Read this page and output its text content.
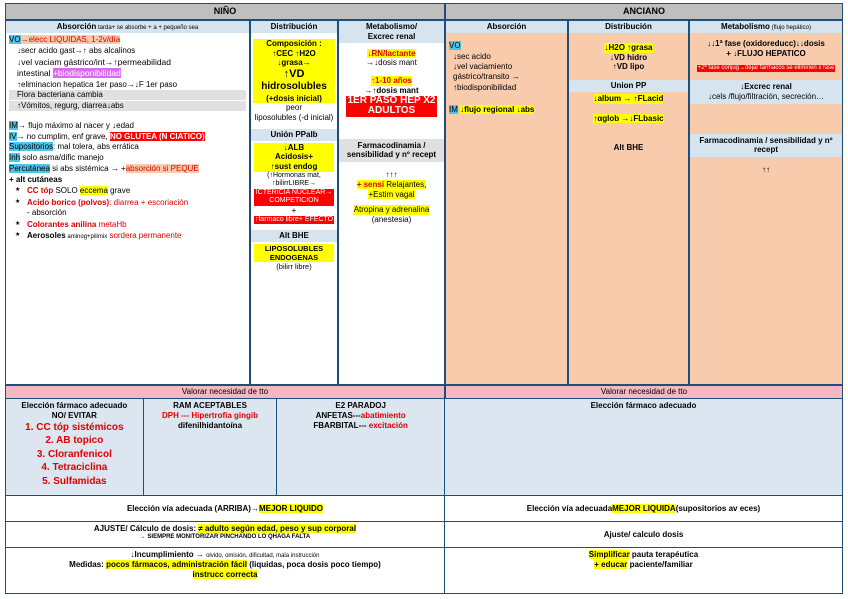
NIÑO	ANCIANO
Absorción tarda+ se absorbe + a + pequeño sea
VO→elecc LIQUIDAS, 1-2v/día
↓secr acido gast→↑ abs alcalinos
↓vel vaciam gástrico/int→↑permeabilidad
intestinal +biodisponibilidad
↑eliminacion hepatica 1er paso→↓F 1er paso
Flora bacteriana cambia
↑Vómitos, regurg, diarrea↓abs
IM→ flujo máximo al nacer y ↓edad
IV→ no cumplim, enf grave, NO GLUTEA (N CIATICO)
Supositorios: mal tolera, abs errática
Inh solo asma/dific manejo
Percutánea si abs sistémica → +absorción si PEQUE
+ alt cutáneas
★ CC tóp SOLO eccema grave
★ Acido borico (polvos): diarrea + escoriación
- absorción
★ Colorantes anilina metaHb
★ Aerosoles aminog+pilimix sordera permanente
Distribución
Composición :
↑CEC ↑H2O
↓grasa→
↑VD
hidrosolubles
(+dosis inicial)
peor
liposolubles (-d inicial)
Unión PPalb
↓ALB
Acidosis+
↑sust endog
(↑Hormonas mat, ↑bilirrLIBRE→
ICTERICIA NUCLEAR→ COMPETICION
+
↑farmaco libre+ EFECTO
Alt BHE
LIPOSOLUBLES ENDOGENAS
(bilirr libre)
Metabolismo/
Excrec renal
↓RN/lactante
→↓dosis mant
↑1-10 años
→↑dosis mant
1ER PASO HEP X2 ADULTOS
Farmacodinamia / sensibilidad y nº recept
↑↑↑
+ sensi Relajantes,
+Estim vagal
Atropina y adrenalina
(anestesia)
Absorción
VO
↓sec acido
↓vel vaciamiento gástrico/transito →
↑biodisponibilidad
IM ↓flujo regional ↓abs
Distribución
↓H2O ↑grasa
↓VD hidro
↑VD lipo
Union PP
↓album → ↑FLacid
↑αglob →↓FLbasic
Alt BHE
Metabolismo (flujo hepático)
↓↓1ª fase (oxidoreducc)↓↓dosis
+ ↓FLUJO HEPATICO
+2ª fase conjug→dejar farmacos se eliminen x fase
↓Excrec renal
↓cels /flujo/filtración, secreción…
Farmacodinamia / sensibilidad y nº recept
↑↑
Valorar necesidad de tto	Valorar necesidad de tto
Elección fármaco adecuado
NO/ EVITAR
1. CC tóp sistémicos
2. AB topico
3. Cloranfenicol
4. Tetraciclina
5. Sulfamidas
RAM ACEPTABLES
DPH --- Hipertrofia gingib
difenilhidantoína
E2 PARADOJ
ANFETAS---abatimiento
FBARBITAL--- excitación
Elección fármaco adecuado
Elección vía adecuada (ARRIBA)→ MEJOR LIQUIDO	Elección vía adecuada MEJOR LIQUIDA (supositorios av eces)
AJUSTE/ Cálculo de dosis: ≠ adulto según edad, peso y sup corporal
→ SIEMPRE MONITORIZAR PINCHANDO LO QHAGA FALTA	Ajuste/ calculo dosis
↓Incumplimiento → olvido, omisión, dificultad, mala instrucción
Medidas: pocos fármacos, administración fácil (liquidas, poca dosis poco tiempo)
instrucc correcta
Simplificar pauta terapéutica
+ educar paciente/familiar
